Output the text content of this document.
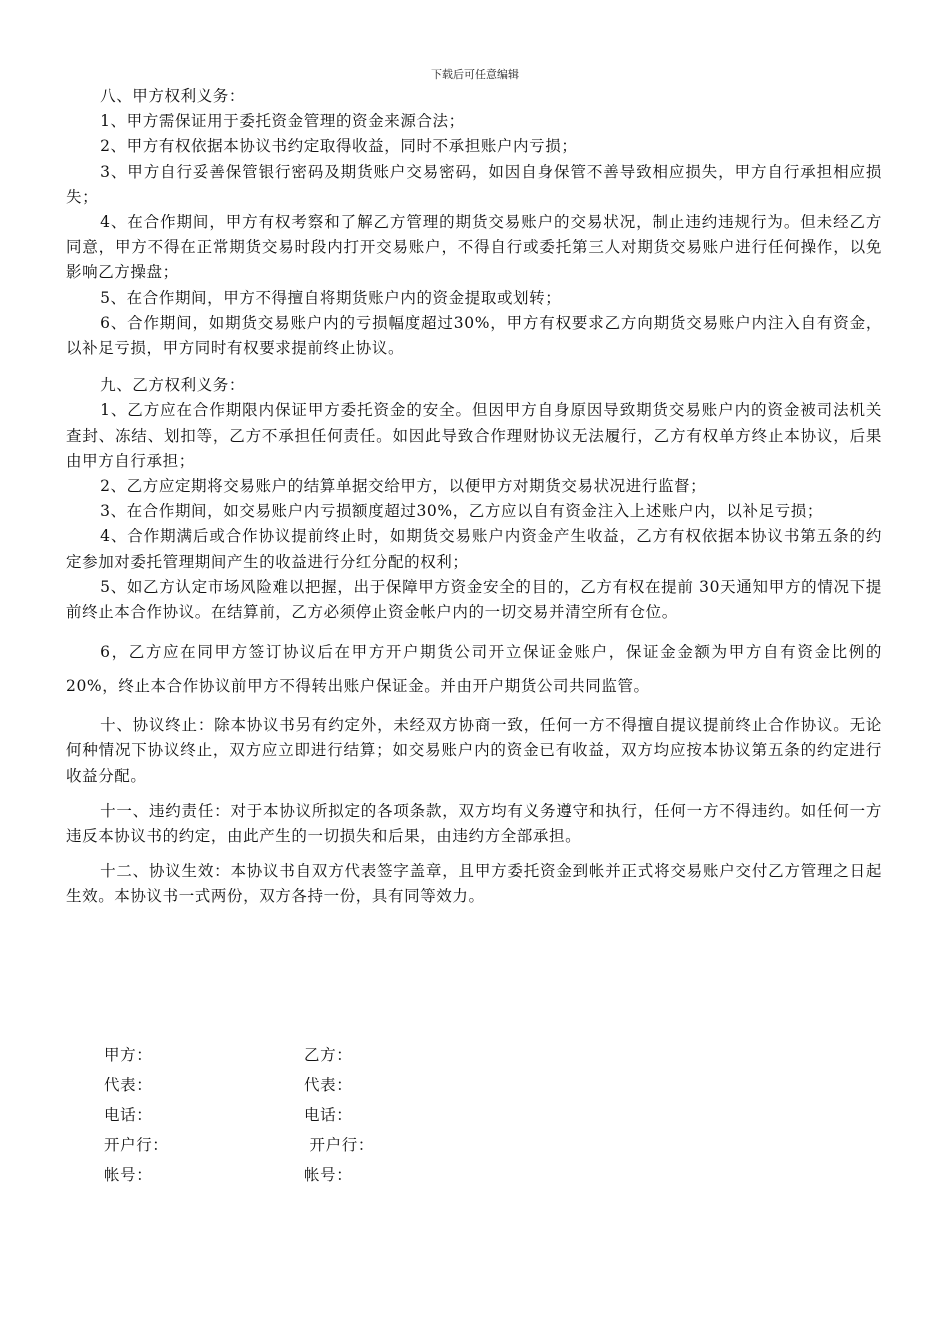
下载后可任意编辑

八、甲方权利义务：

1、甲方需保证用于委托资金管理的资金来源合法；

2、甲方有权依据本协议书约定取得收益，同时不承担账户内亏损；

3、甲方自行妥善保管银行密码及期货账户交易密码，如因自身保管不善导致相应损失，甲方自行承担相应损失；

4、在合作期间，甲方有权考察和了解乙方管理的期货交易账户的交易状况，制止违约违规行为。但未经乙方同意，甲方不得在正常期货交易时段内打开交易账户，不得自行或委托第三人对期货交易账户进行任何操作，以免影响乙方操盘；

5、在合作期间，甲方不得擅自将期货账户内的资金提取或划转；

6、合作期间，如期货交易账户内的亏损幅度超过30%，甲方有权要求乙方向期货交易账户内注入自有资金，以补足亏损，甲方同时有权要求提前终止协议。

九、乙方权利义务：

1、乙方应在合作期限内保证甲方委托资金的安全。但因甲方自身原因导致期货交易账户内的资金被司法机关查封、冻结、划扣等，乙方不承担任何责任。如因此导致合作理财协议无法履行，乙方有权单方终止本协议，后果由甲方自行承担；

2、乙方应定期将交易账户的结算单据交给甲方，以便甲方对期货交易状况进行监督；

3、在合作期间，如交易账户内亏损额度超过30%，乙方应以自有资金注入上述账户内，以补足亏损；

4、合作期满后或合作协议提前终止时，如期货交易账户内资金产生收益，乙方有权依据本协议书第五条的约定参加对委托管理期间产生的收益进行分红分配的权利；

5、如乙方认定市场风险难以把握，出于保障甲方资金安全的目的，乙方有权在提前 30天通知甲方的情况下提前终止本合作协议。在结算前，乙方必须停止资金帐户内的一切交易并清空所有仓位。

6，乙方应在同甲方签订协议后在甲方开户期货公司开立保证金账户，保证金金额为甲方自有资金比例的20%，终止本合作协议前甲方不得转出账户保证金。并由开户期货公司共同监管。

十、协议终止：除本协议书另有约定外，未经双方协商一致，任何一方不得擅自提议提前终止合作协议。无论何种情况下协议终止，双方应立即进行结算；如交易账户内的资金已有收益，双方均应按本协议第五条的约定进行收益分配。

十一、违约责任：对于本协议所拟定的各项条款，双方均有义务遵守和执行，任何一方不得违约。如任何一方违反本协议书的约定，由此产生的一切损失和后果，由违约方全部承担。

十二、协议生效：本协议书自双方代表签字盖章，且甲方委托资金到帐并正式将交易账户交付乙方管理之日起生效。本协议书一式两份，双方各持一份，具有同等效力。

甲方：	乙方：
代表：	代表：
电话：	电话：
开户行：	开户行：
帐号：	帐号：
